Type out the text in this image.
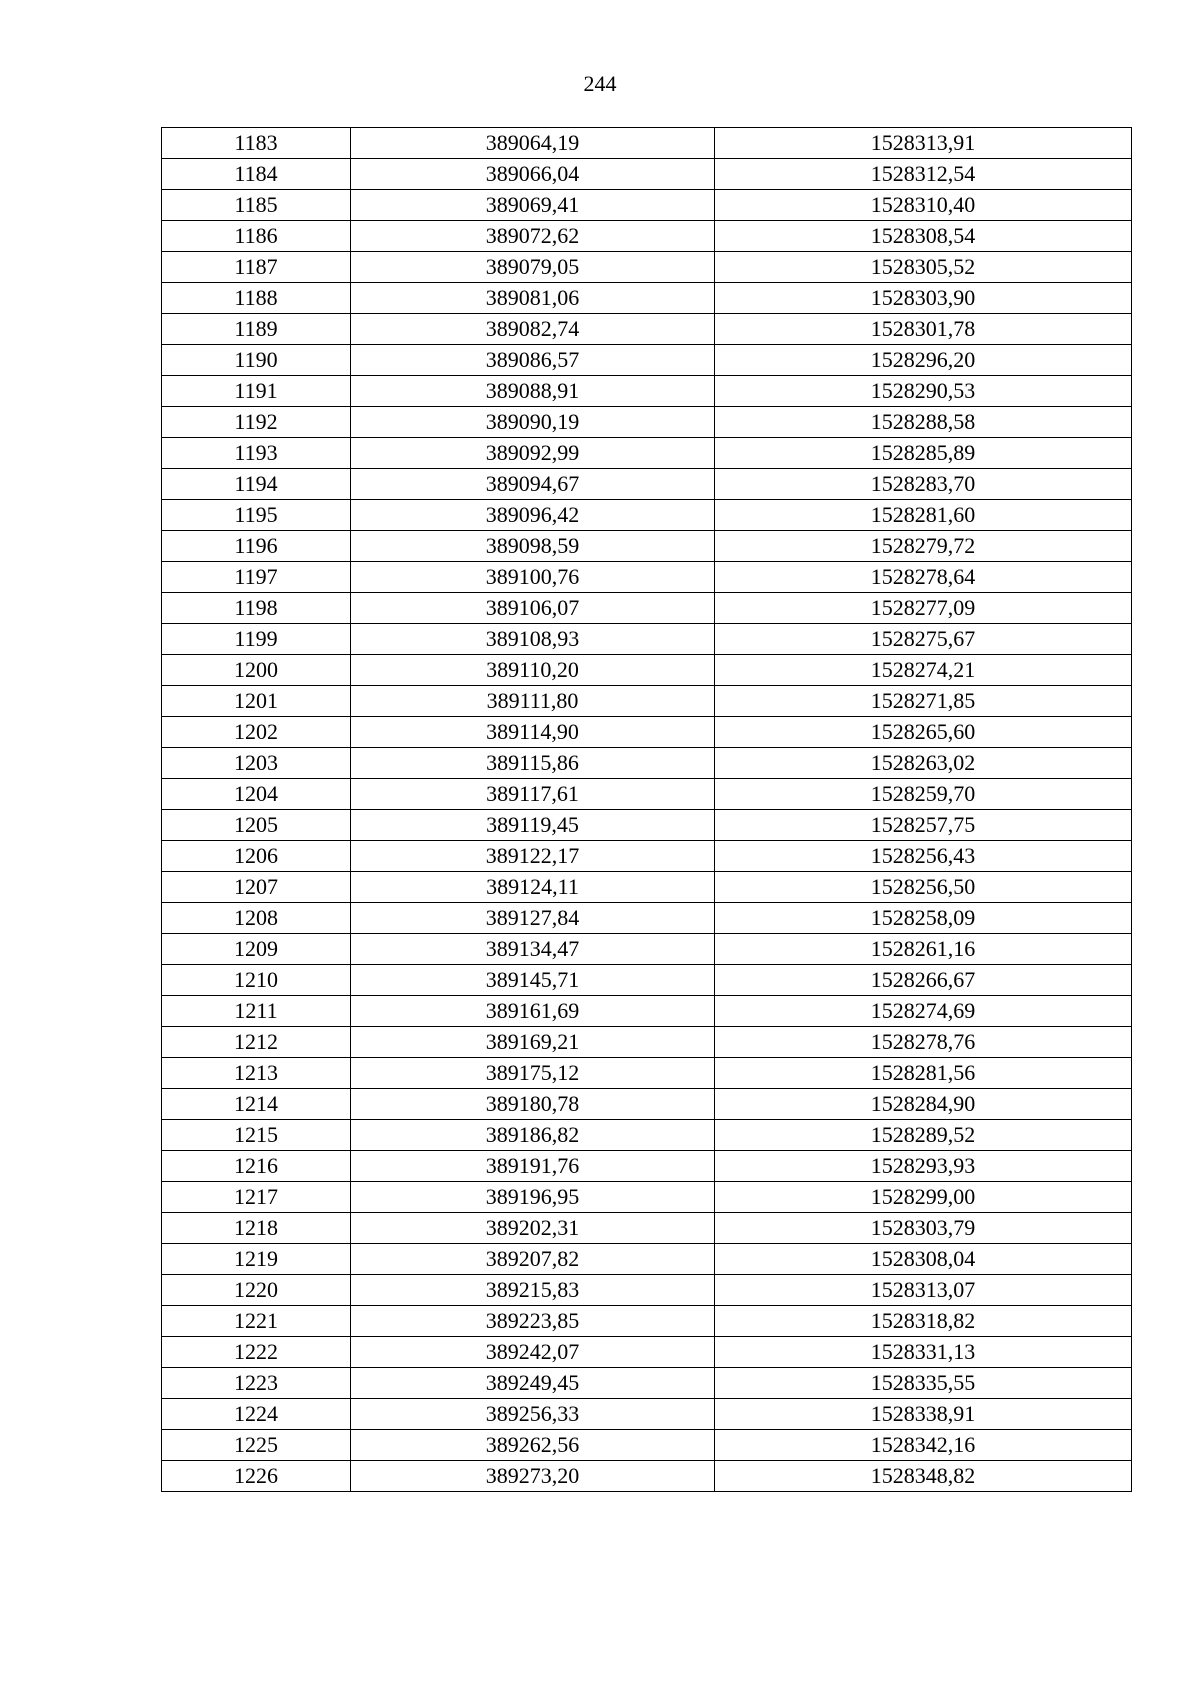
244
1183	389064,19	1528313,91
1184	389066,04	1528312,54
1185	389069,41	1528310,40
1186	389072,62	1528308,54
1187	389079,05	1528305,52
1188	389081,06	1528303,90
1189	389082,74	1528301,78
1190	389086,57	1528296,20
1191	389088,91	1528290,53
1192	389090,19	1528288,58
1193	389092,99	1528285,89
1194	389094,67	1528283,70
1195	389096,42	1528281,60
1196	389098,59	1528279,72
1197	389100,76	1528278,64
1198	389106,07	1528277,09
1199	389108,93	1528275,67
1200	389110,20	1528274,21
1201	389111,80	1528271,85
1202	389114,90	1528265,60
1203	389115,86	1528263,02
1204	389117,61	1528259,70
1205	389119,45	1528257,75
1206	389122,17	1528256,43
1207	389124,11	1528256,50
1208	389127,84	1528258,09
1209	389134,47	1528261,16
1210	389145,71	1528266,67
1211	389161,69	1528274,69
1212	389169,21	1528278,76
1213	389175,12	1528281,56
1214	389180,78	1528284,90
1215	389186,82	1528289,52
1216	389191,76	1528293,93
1217	389196,95	1528299,00
1218	389202,31	1528303,79
1219	389207,82	1528308,04
1220	389215,83	1528313,07
1221	389223,85	1528318,82
1222	389242,07	1528331,13
1223	389249,45	1528335,55
1224	389256,33	1528338,91
1225	389262,56	1528342,16
1226	389273,20	1528348,82
